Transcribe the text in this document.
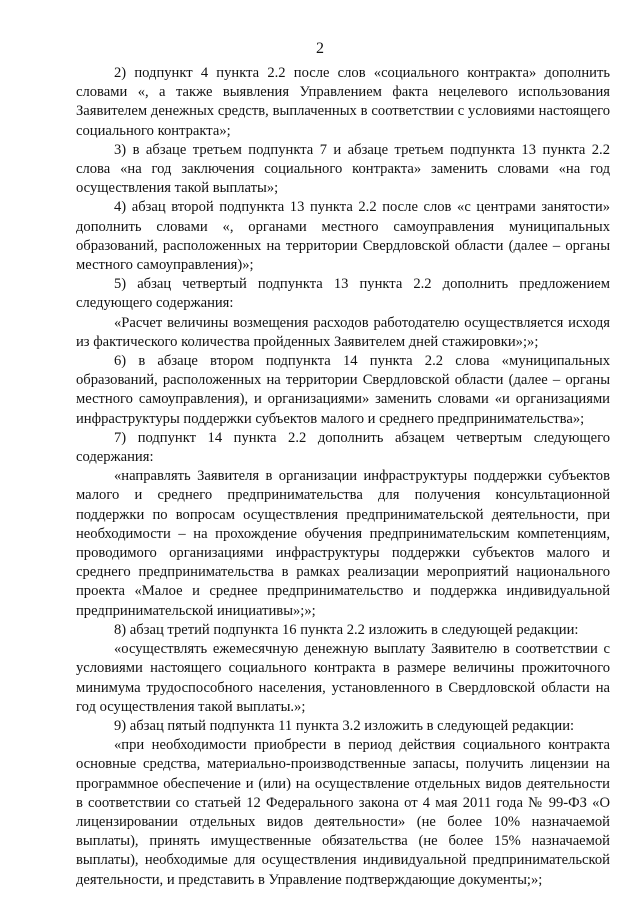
2

2) подпункт 4 пункта 2.2 после слов «социального контракта» дополнить словами «, а также выявления Управлением факта нецелевого использования Заявителем денежных средств, выплаченных в соответствии с условиями настоящего социального контракта»;

3) в абзаце третьем подпункта 7 и абзаце третьем подпункта 13 пункта 2.2 слова «на год заключения социального контракта» заменить словами «на год осуществления такой выплаты»;

4) абзац второй подпункта 13 пункта 2.2 после слов «с центрами занятости» дополнить словами «, органами местного самоуправления муниципальных образований, расположенных на территории Свердловской области (далее – органы местного самоуправления)»;

5) абзац четвертый подпункта 13 пункта 2.2 дополнить предложением следующего содержания:

«Расчет величины возмещения расходов работодателю осуществляется исходя из фактического количества пройденных Заявителем дней стажировки»;»;

6) в абзаце втором подпункта 14 пункта 2.2 слова «муниципальных образований, расположенных на территории Свердловской области (далее – органы местного самоуправления), и организациями» заменить словами «и организациями инфраструктуры поддержки субъектов малого и среднего предпринимательства»;

7) подпункт 14 пункта 2.2 дополнить абзацем четвертым следующего содержания:

«направлять Заявителя в организации инфраструктуры поддержки субъектов малого и среднего предпринимательства для получения консультационной поддержки по вопросам осуществления предпринимательской деятельности, при необходимости – на прохождение обучения предпринимательским компетенциям, проводимого организациями инфраструктуры поддержки субъектов малого и среднего предпринимательства в рамках реализации мероприятий национального проекта «Малое и среднее предпринимательство и поддержка индивидуальной предпринимательской инициативы»;»;

8) абзац третий подпункта 16 пункта 2.2 изложить в следующей редакции:

«осуществлять ежемесячную денежную выплату Заявителю в соответствии с условиями настоящего социального контракта в размере величины прожиточного минимума трудоспособного населения, установленного в Свердловской области на год осуществления такой выплаты.»;

9) абзац пятый подпункта 11 пункта 3.2 изложить в следующей редакции:

«при необходимости приобрести в период действия социального контракта основные средства, материально-производственные запасы, получить лицензии на программное обеспечение и (или) на осуществление отдельных видов деятельности в соответствии со статьей 12 Федерального закона от 4 мая 2011 года № 99-ФЗ «О лицензировании отдельных видов деятельности» (не более 10% назначаемой выплаты), принять имущественные обязательства (не более 15% назначаемой выплаты), необходимые для осуществления индивидуальной предпринимательской деятельности, и представить в Управление подтверждающие документы;»;
